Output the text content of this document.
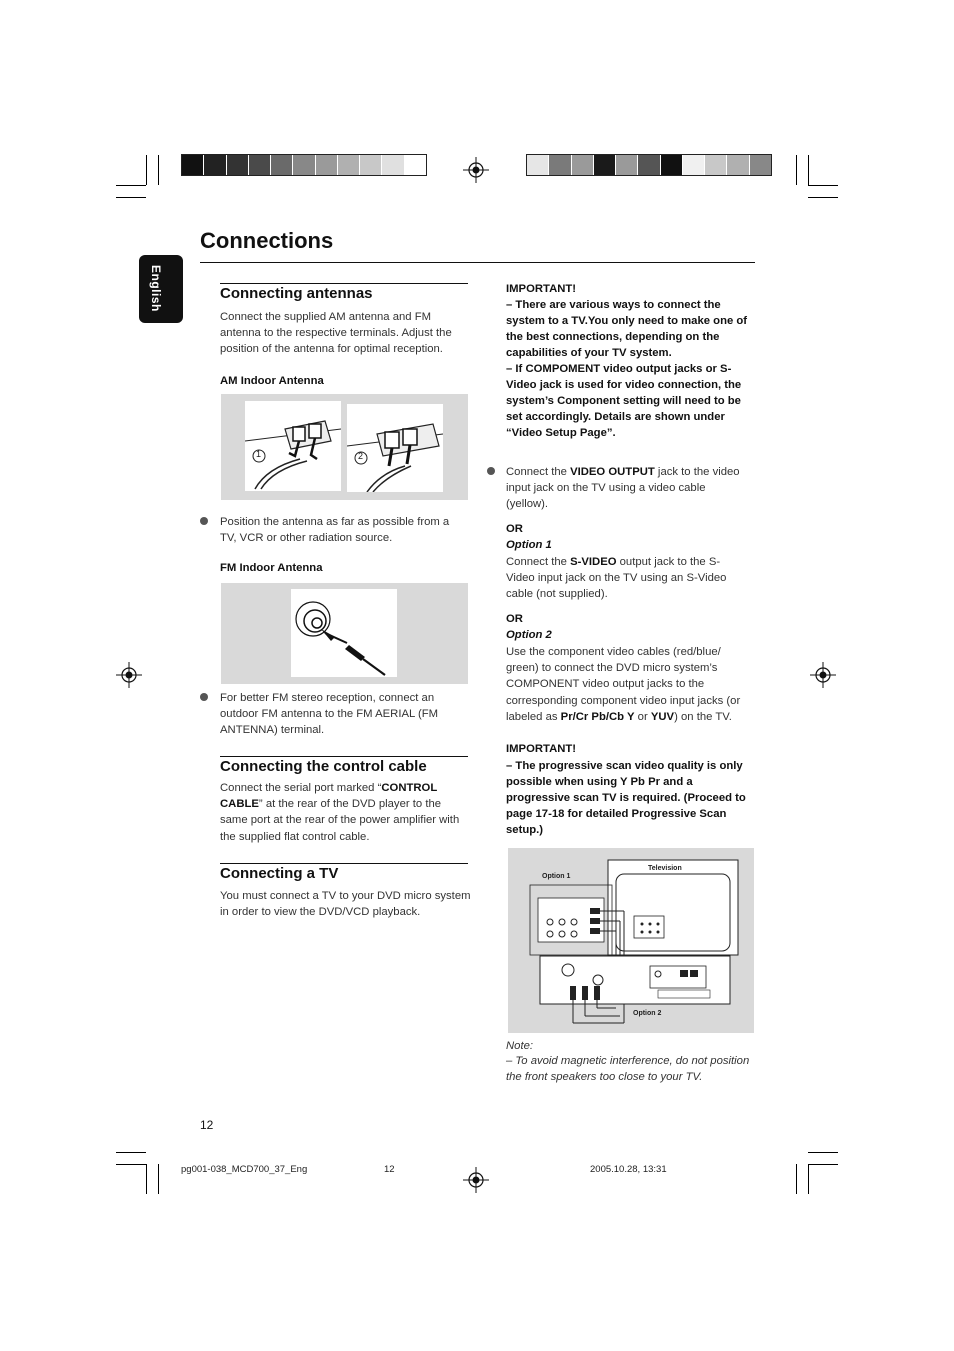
Connections
English	Connecting antennas
Connect the supplied AM antenna and FM antenna to the respective terminals. Adjust the position of the antenna for optimal reception.
AM Indoor Antenna
1	2
Position the antenna as far as possible from a TV, VCR or other radiation source.
FM Indoor Antenna
For better FM stereo reception, connect an outdoor FM antenna to the FM AERIAL (FM ANTENNA) terminal.
Connecting the control cable
Connect the serial port marked “CONTROL CABLE” at the rear of the DVD player to the same port at the rear of the power amplifier with the supplied flat control cable.
Connecting a TV
You must connect a TV to your DVD micro system in order to view the DVD/VCD playback.
IMPORTANT!
– There are various ways to connect the system to a TV.You only need to make one of the best connections, depending on the capabilities of your TV system.
– If COMPOMENT video output jacks or S-Video jack is used for video connection, the system’s Component setting will need to be set accordingly. Details are shown under “Video Setup Page”.
Connect the VIDEO OUTPUT jack to the video input jack on the TV using a video cable (yellow).
OR
Option 1
Connect the S-VIDEO output jack to the S-Video input jack on the TV using an S-Video cable (not supplied).
OR
Option 2
Use the component video cables (red/blue/ green) to connect the DVD micro system’s COMPONENT video output jacks to the corresponding component video input jacks (or labeled as Pr/Cr Pb/Cb Y or YUV) on the TV.
IMPORTANT!
– The progressive scan video quality is only possible when using Y Pb Pr and a progressive scan TV is required. (Proceed to page 17-18 for detailed Progressive Scan setup.)
Option 1
Television
Option 2
Note:
– To avoid magnetic interference, do not position the front speakers too close to your TV.
12
pg001-038_MCD700_37_Eng	12	2005.10.28, 13:31
